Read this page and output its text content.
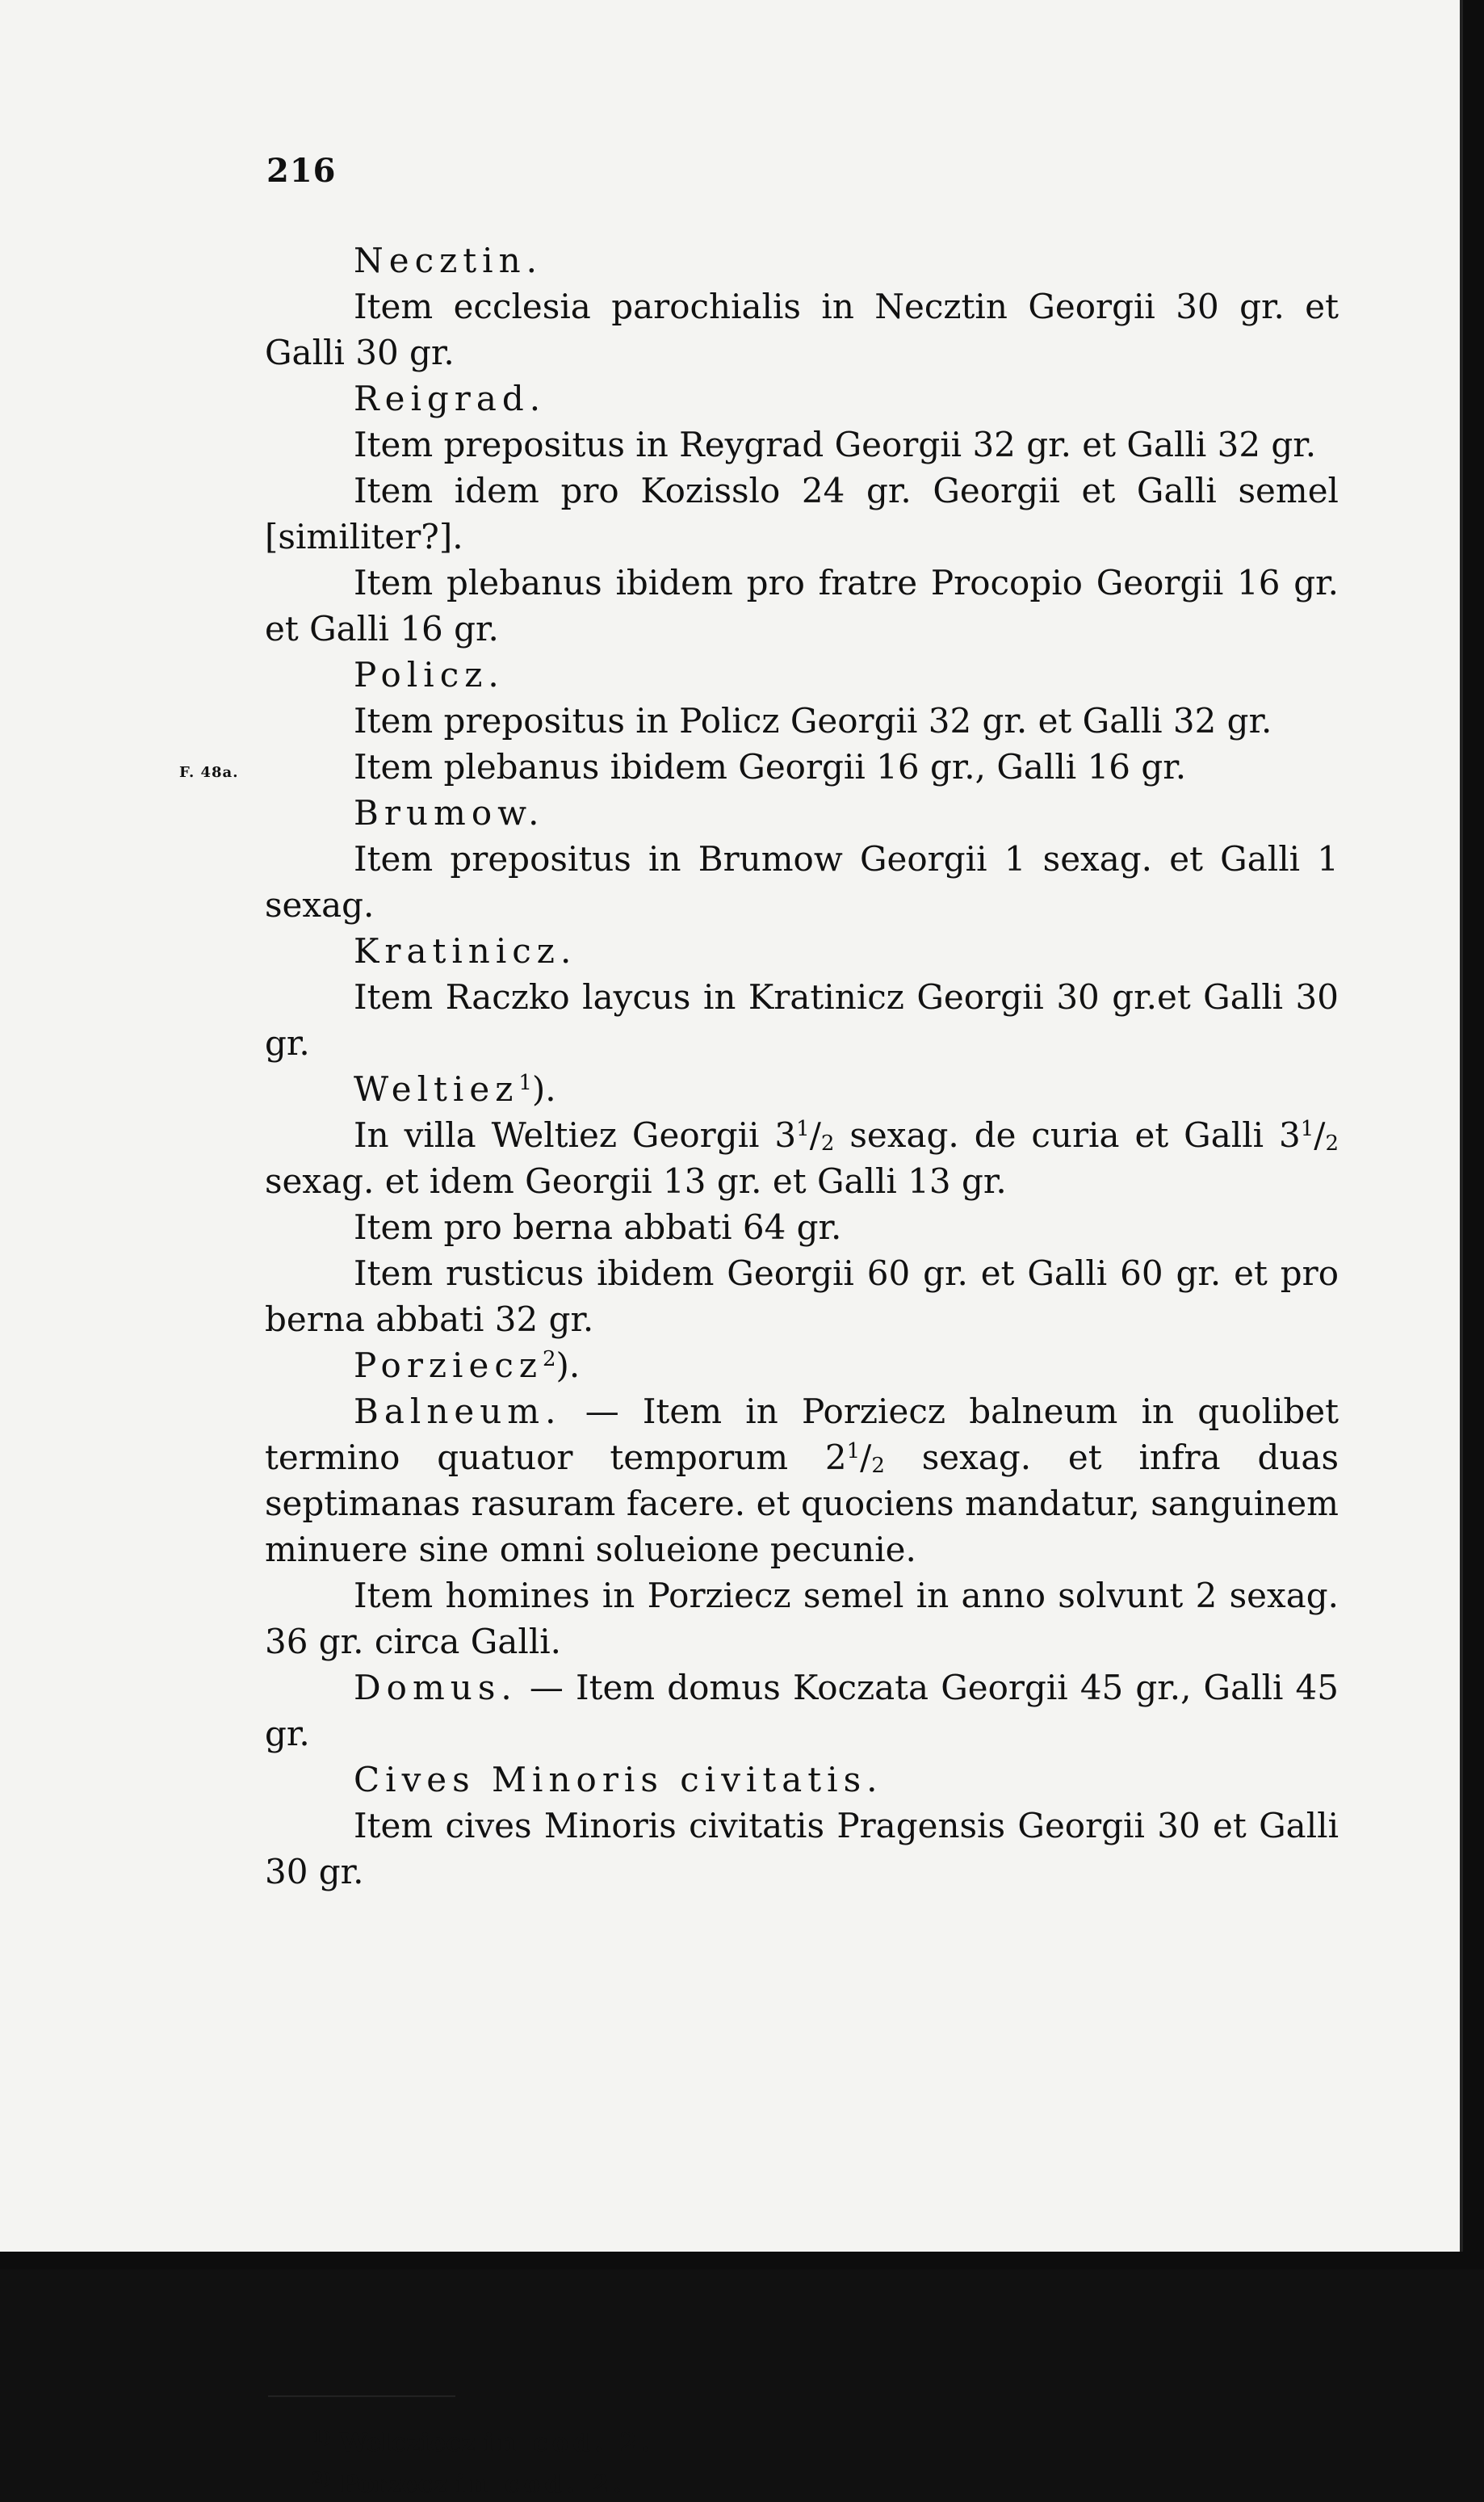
216
F. 48a.
Necztin.
Item ecclesia parochialis in Necztin Georgii 30 gr. et Galli 30 gr.
Reigrad.
Item prepositus in Reygrad Georgii 32 gr. et Galli 32 gr.
Item idem pro Kozisslo 24 gr. Georgii et Galli semel [similiter?].
Item plebanus ibidem pro fratre Procopio Georgii 16 gr. et Galli 16 gr.
Policz.
Item prepositus in Policz Georgii 32 gr. et Galli 32 gr.
Item plebanus ibidem Georgii 16 gr., Galli 16 gr.
Brumow.
Item prepositus in Brumow Georgii 1 sexag. et Galli 1 sexag.
Kratinicz.
Item Raczko laycus in Kratinicz Georgii 30 gr.et Galli 30 gr.
Weltiez$^1$).
In villa Weltiez Georgii $3^1/_2$ sexag. de curia et Galli $3^1/_2$ sexag. et idem Georgii 13 gr. et Galli 13 gr.
Item pro berna abbati 64 gr.
Item rusticus ibidem Georgii 60 gr. et Galli 60 gr. et pro berna abbati 32 gr.
Porziecz$^2$).
Balneum. — Item in Porziecz balneum in quolibet termino quatuor temporum $2^1/_2$ sexag. et infra duas septimanas rasuram facere. et quociens mandatur, sanguinem minuere sine omni solueione pecunie.
Item homines in Porziecz semel in anno solvunt 2 sexag. 36 gr. circa Galli.
Domus. — Item domus Koczata Georgii 45 gr., Galli 45 gr.
Cives Minoris civitatis.
Item cives Minoris civitatis Pragensis Georgii 30 et Galli 30 gr.
$^{1)}$ Welcziecz in cod. 2.
$^{2)}$ Porzecz in cod. 2.
